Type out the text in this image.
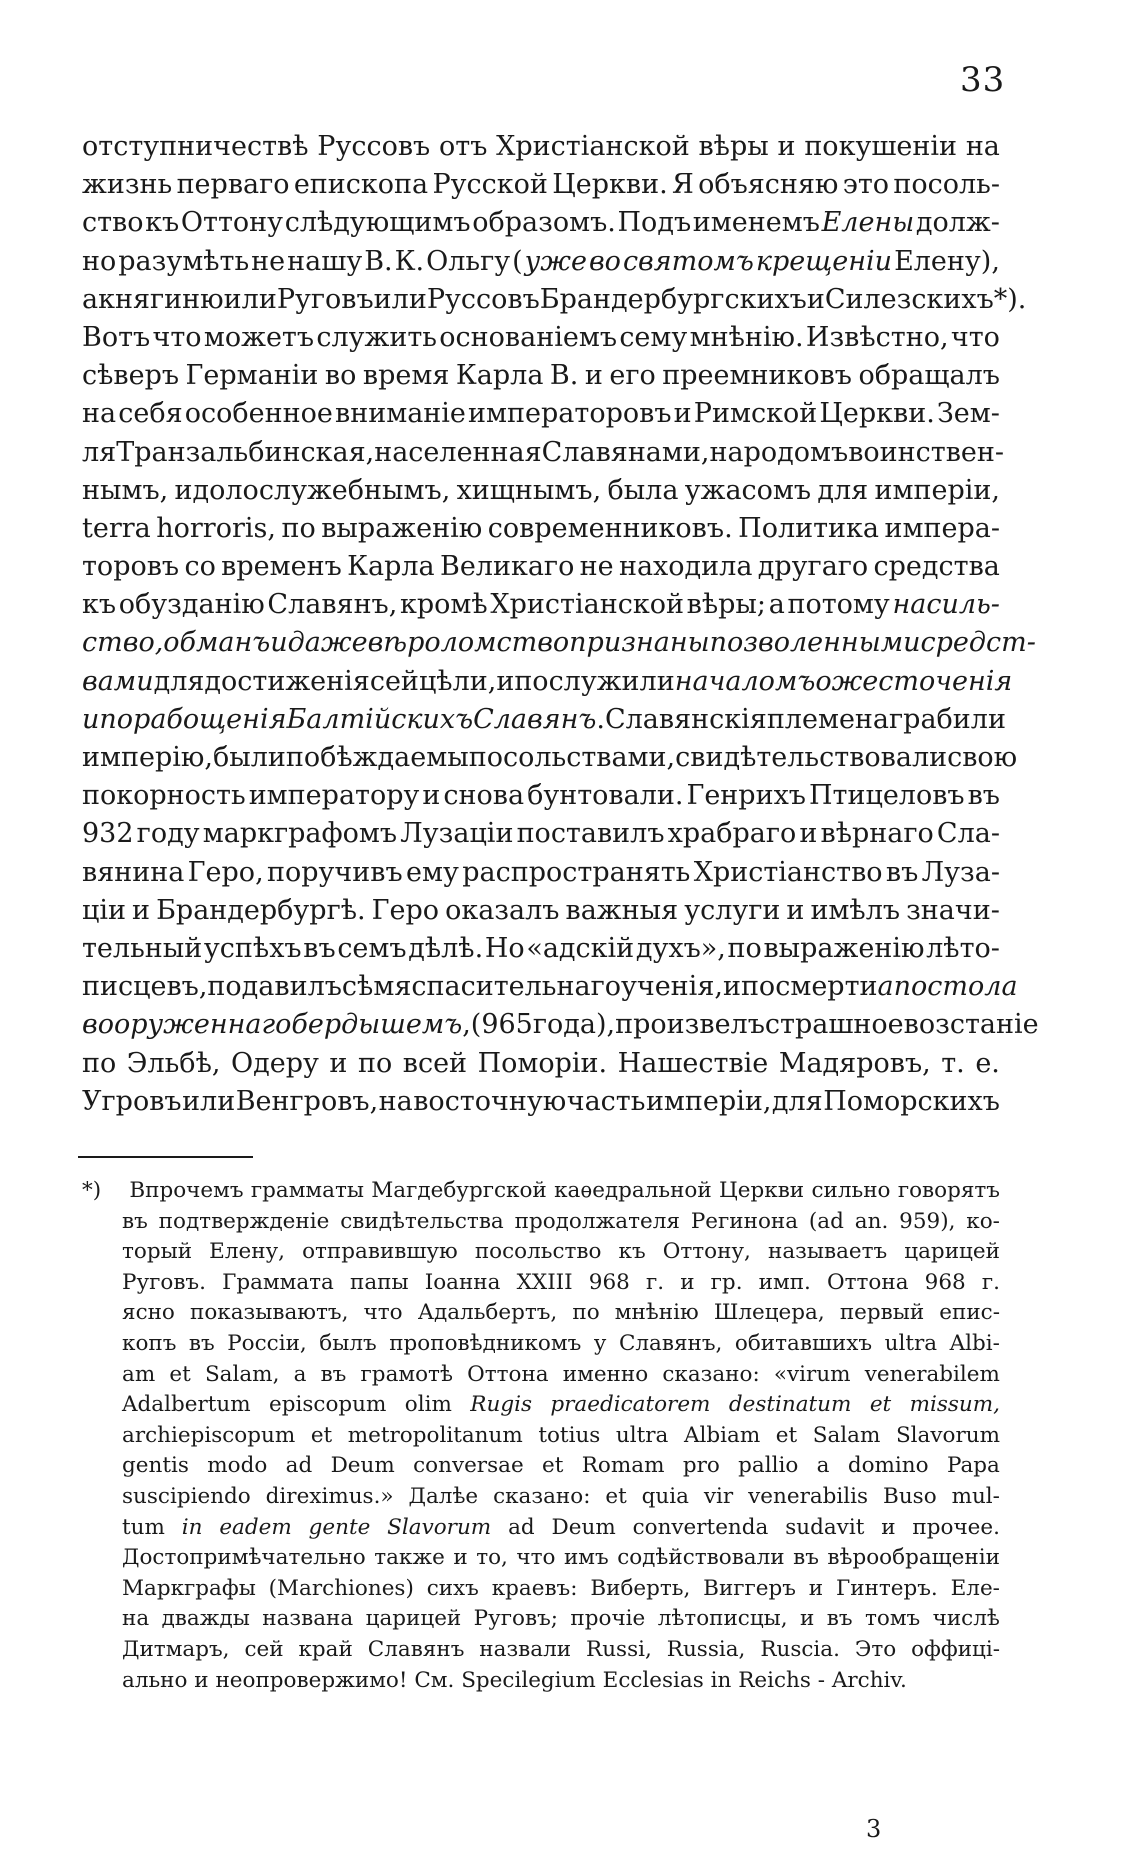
33
отступничествѣ Руссовъ отъ Христіанской вѣры и покушеніи на
жизнь перваго епископа Русской Церкви. Я объясняю это посоль-
ство къ Оттону слѣдующимъ образомъ. Подъ именемъ Елены долж-
но разумѣть не нашу В. К. Ольгу ( уже во святомъ крещеніи Елену),
а княгиню или Руговъ или Руссовъ Брандербургскихъ и Силезскихъ *).
Вотъ что можетъ служить основаніемъ сему мнѣнію. Извѣстно, что
сѣверъ Германіи во время Карла В. и его преемниковъ обращалъ
на себя особенное вниманіе императоровъ и Римской Церкви. Зем-
ля Транзальбинская, населенная Славянами, народомъ воинствен-
нымъ, идолослужебнымъ, хищнымъ, была ужасомъ для имперіи,
terra horroris, по выраженію современниковъ. Политика импера-
торовъ со временъ Карла Великаго не находила другаго средства
къ обузданію Славянъ, кромѣ Христіанской вѣры; а потому насиль-
ство, обманъ и даже вѣроломство признаны позволенными средст-
вами для достиженія сей цѣли, и послужили началомъ ожесточенія
и порабощенія Балтійскихъ Славянъ . Славянскія племена грабили
имперію, были побѣждаемы посольствами, свидѣтельствовали свою
покорность императору и снова бунтовали. Генрихъ Птицеловъ въ
932 году маркграфомъ Лузаціи поставилъ храбраго и вѣрнаго Сла-
вянина Геро, поручивъ ему распространять Христіанство въ Луза-
ціи и Брандербургѣ. Геро оказалъ важныя услуги и имѣлъ значи-
тельный успѣхъ въ семъ дѣлѣ. Но «адскій духъ», по выраженію лѣто-
писцевъ, подавилъ сѣмя спасительнаго ученія, и по смерти апостола
вооруженнаго бердышемъ , (965 года), произвелъ страшное возстаніе
по Эльбѣ, Одеру и по всей Поморіи. Нашествіе Мадяровъ, т. е.
Угровъ или Венгровъ, на восточную часть имперіи, для Поморскихъ
*)	Впрочемъ граммaты Магдебургской каѳедральной Церкви сильно говорятъ
въ подтвержденіе свидѣтельства продолжателя Регинона (ad an. 959), ко-
торый Елену, отправившую посольство къ Оттону, называетъ царицей
Руговъ. Граммата папы Іоанна XXIII 968 г. и гр. имп. Оттона 968 г.
ясно показываютъ, что Адальбертъ, по мнѣнію Шлецера, первый епис-
копъ въ Россіи, былъ проповѣдникомъ у Славянъ, обитавшихъ ultra Albi-
am et Salam, а въ грамотѣ Оттона именно сказано: «virum venerabilem
Adalbertum episcopum olim Rugis praedicatorem destinatum et missum,
archiepiscopum et metropolitanum totius ultra Albiam et Salam Slavorum
gentis modo ad Deum conversae et Romam pro pallio a domino Papa
suscipiendo direximus.» Далѣе сказано: et quia vir venerabilis Buso mul-
tum in eadem gente Slavorum ad Deum convertenda sudavit и прочее.
Достопримѣчательно также и то, что имъ содѣйствовали въ вѣрообращеніи
Маркграфы (Marchiones) сихъ краевъ: Виберть, Виггеръ и Гинтеръ. Еле-
на дважды названа царицей Руговъ; прочіе лѣтописцы, и въ томъ числѣ
Дитмаръ, сей край Славянъ назвали Russi, Russia, Ruscia. Это оффиці-
ально и неопровержимо! См. Specilegium Ecclesias in Reichs - Archiv.
3
